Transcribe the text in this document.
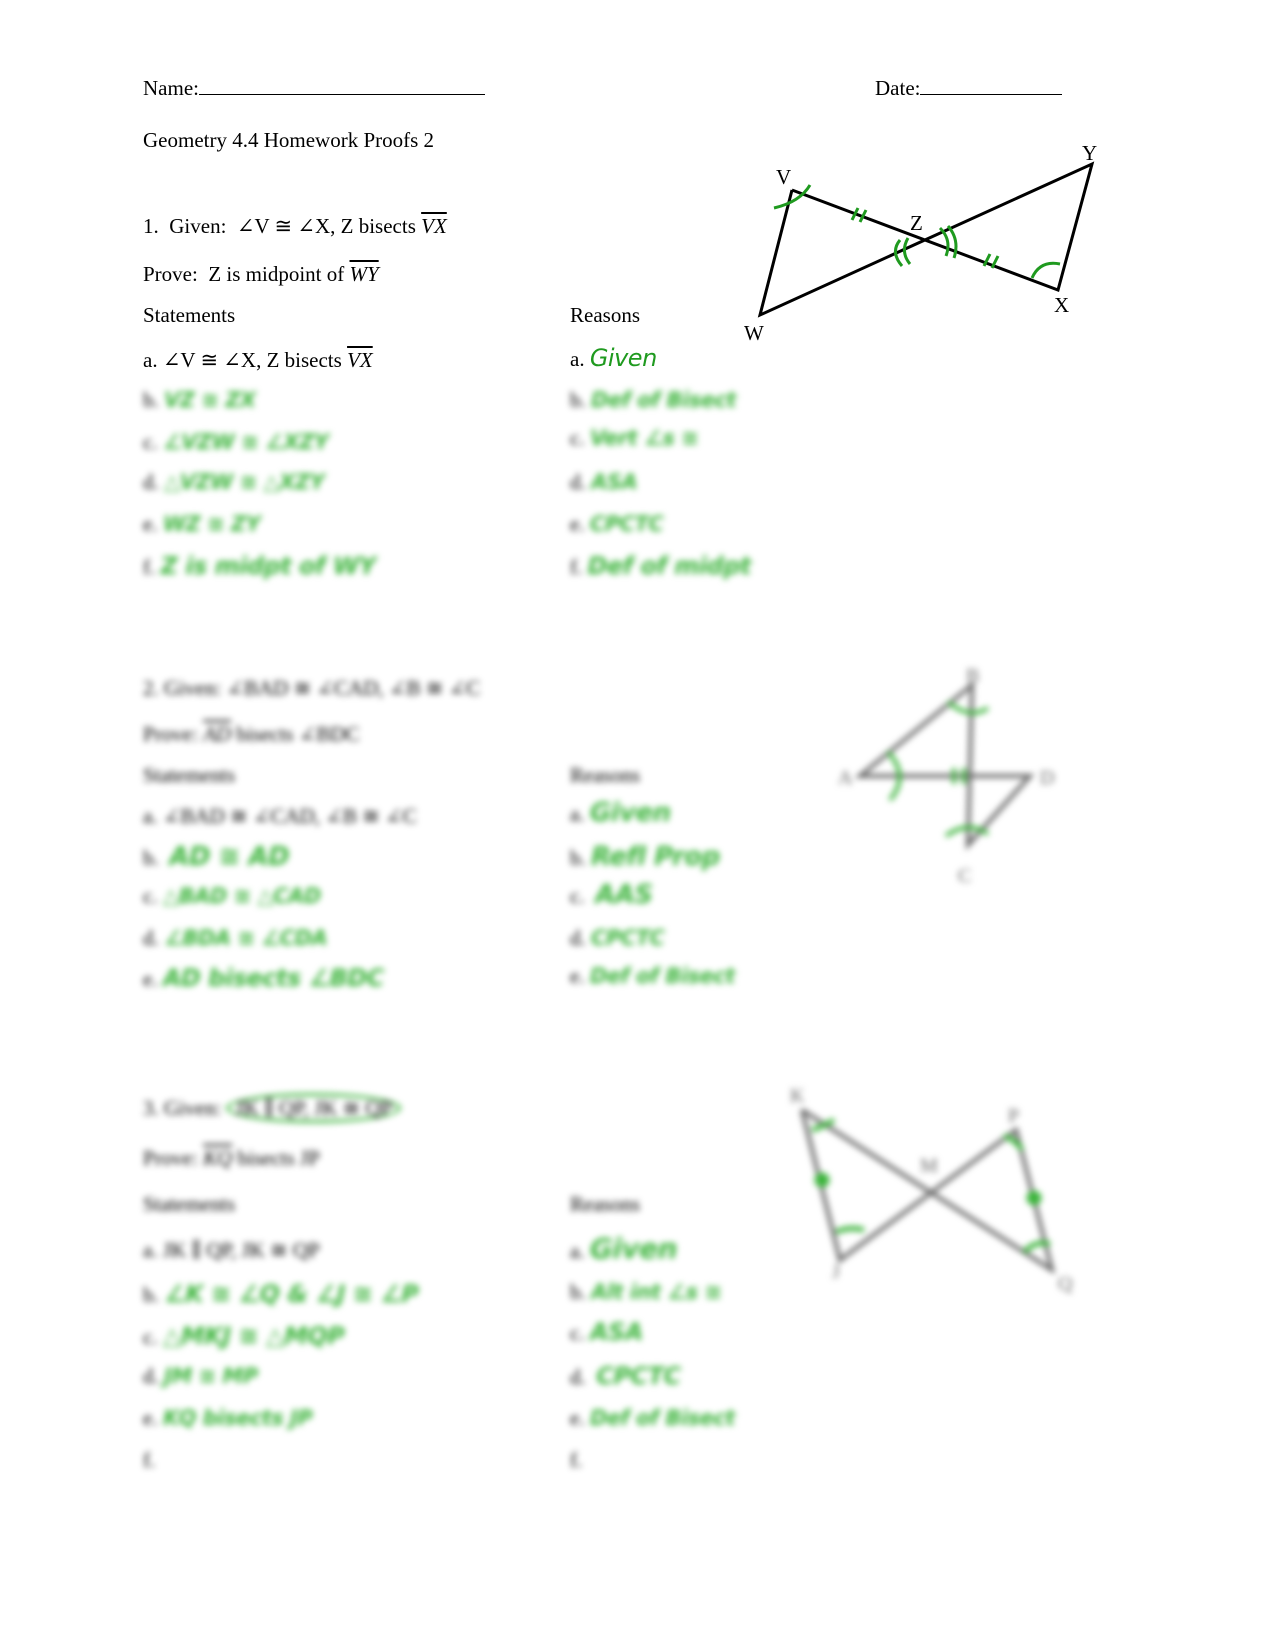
Name:	Date:
Geometry 4.4 Homework Proofs 2
1. Given: ∠V ≅ ∠X, Z bisects $\overline{VX}$
Prove: Z is midpoint of $\overline{WY}$
Statements	Reasons
a. ∠V ≅ ∠X, Z bisects $\overline{VX}$	a. Given
V
Y
Z
W
X
b. VZ ≅ ZX	b. Def of Bisect
c. ∠VZW ≅ ∠XZY	c. Vert ∠s ≅
d. △VZW ≅ △XZY	d. ASA
e. WZ ≅ ZY	e. CPCTC
f. Z is midpt of WY	f. Def of midpt
2. Given: ∠BAD ≅ ∠CAD, ∠B ≅ ∠C
Prove: $\overline{AD}$ bisects ∠BDC
Statements	Reasons
a. ∠BAD ≅ ∠CAD, ∠B ≅ ∠C	a. Given
b. AD ≅ AD	b. Refl Prop
c. △BAD ≅ △CAD	c. AAS
d. ∠BDA ≅ ∠CDA	d. CPCTC
e. AD bisects ∠BDC	e. Def of Bisect
B
A	D
C
3. Given: JK ∥ QP, JK ≅ QP
Prove: $\overline{KQ}$ bisects JP
Statements	Reasons
a. JK ∥ QP, JK ≅ QP	a. Given
b. ∠K ≅ ∠Q & ∠J ≅ ∠P	b. Alt int ∠s ≅
c. △MKJ ≅ △MQP	c. ASA
d. JM ≅ MP	d. CPCTC
e. KQ bisects JP	e. Def of Bisect
f.	f.
K
P
M
J
Q
